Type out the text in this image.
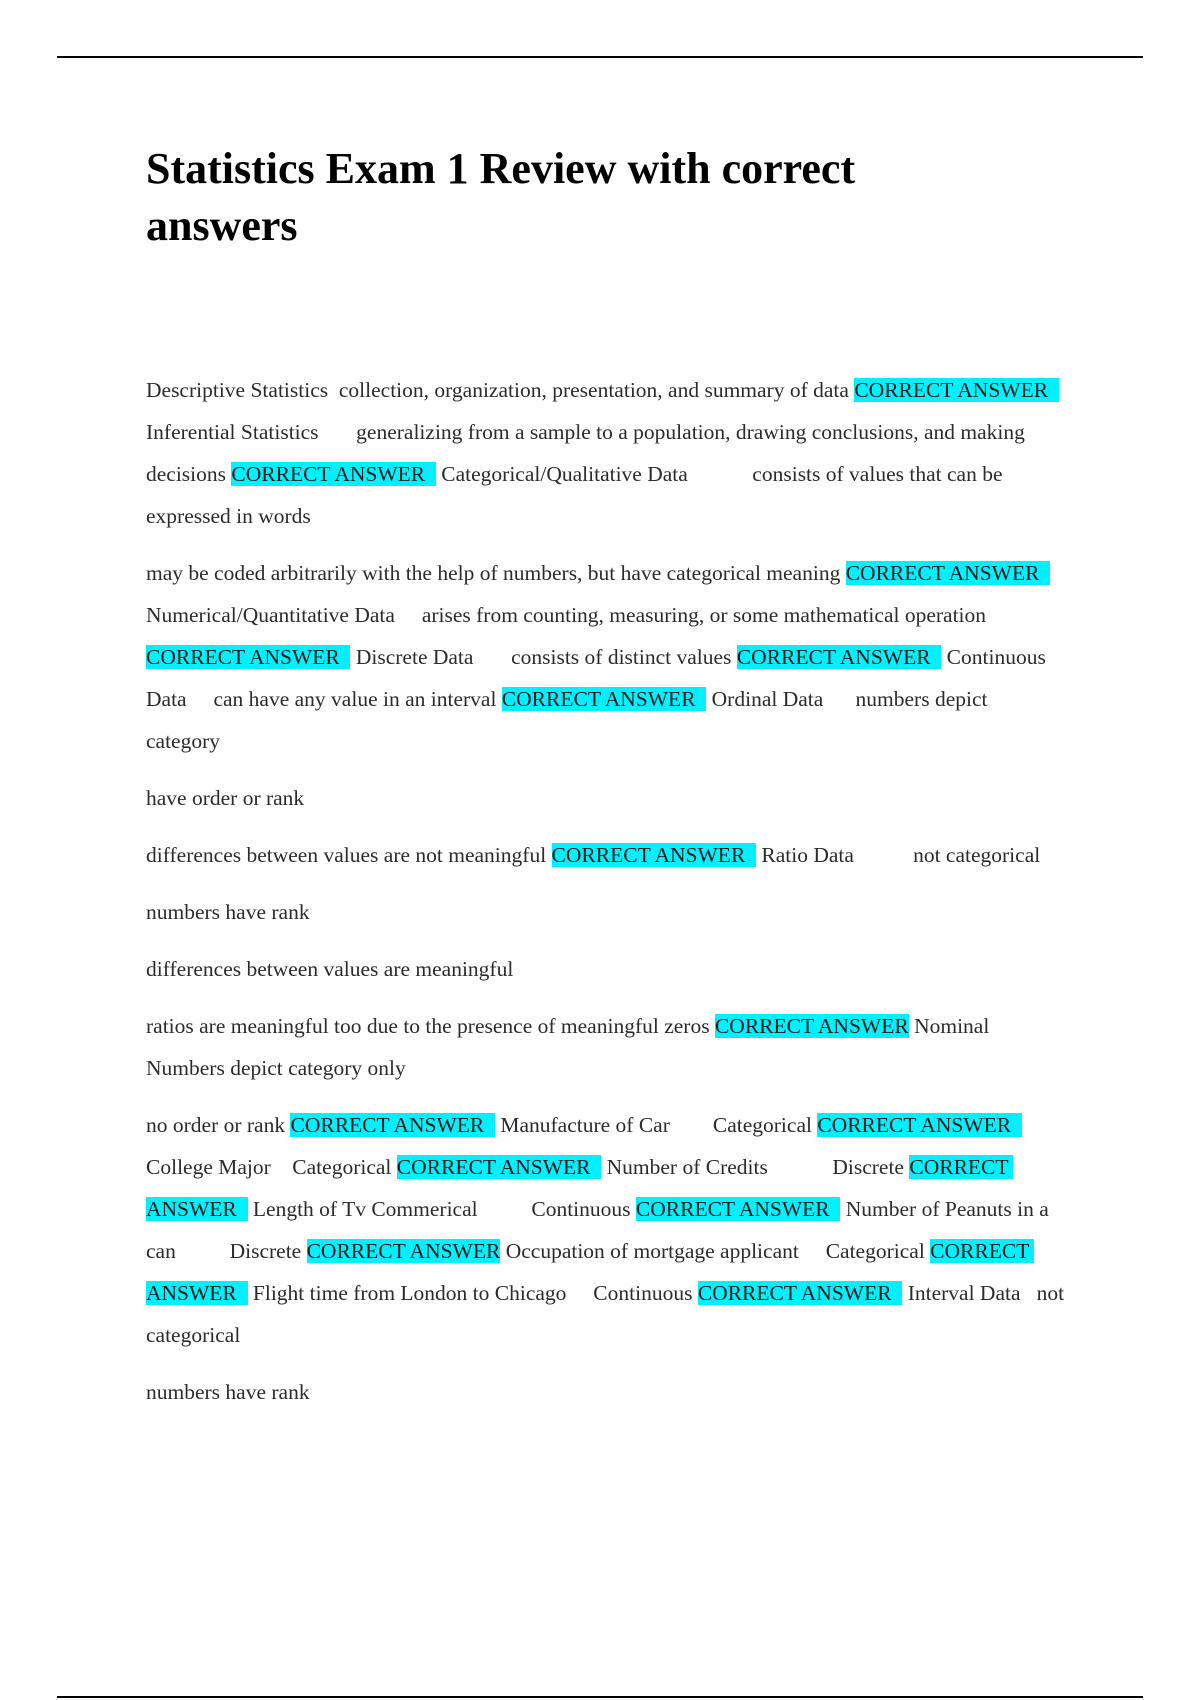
Statistics Exam 1 Review with correct answers

Descriptive Statistics  collection, organization, presentation, and summary of data CORRECT ANSWER   Inferential Statistics       generalizing from a sample to a population, drawing conclusions, and making decisions CORRECT ANSWER   Categorical/Qualitative Data            consists of values that can be expressed in words

may be coded arbitrarily with the help of numbers, but have categorical meaning CORRECT ANSWER   Numerical/Quantitative Data     arises from counting, measuring, or some mathematical operation CORRECT ANSWER   Discrete Data       consists of distinct values CORRECT ANSWER   Continuous Data     can have any value in an interval CORRECT ANSWER   Ordinal Data      numbers depict category

have order or rank

differences between values are not meaningful CORRECT ANSWER   Ratio Data           not categorical

numbers have rank

differences between values are meaningful

ratios are meaningful too due to the presence of meaningful zeros CORRECT ANSWER Nominal          Numbers depict category only

no order or rank CORRECT ANSWER   Manufacture of Car        Categorical CORRECT ANSWER   College Major    Categorical CORRECT ANSWER   Number of Credits            Discrete CORRECT ANSWER   Length of Tv Commerical          Continuous CORRECT ANSWER   Number of Peanuts in a can          Discrete CORRECT ANSWER Occupation of mortgage applicant     Categorical CORRECT ANSWER   Flight time from London to Chicago     Continuous CORRECT ANSWER   Interval Data   not categorical

numbers have rank
